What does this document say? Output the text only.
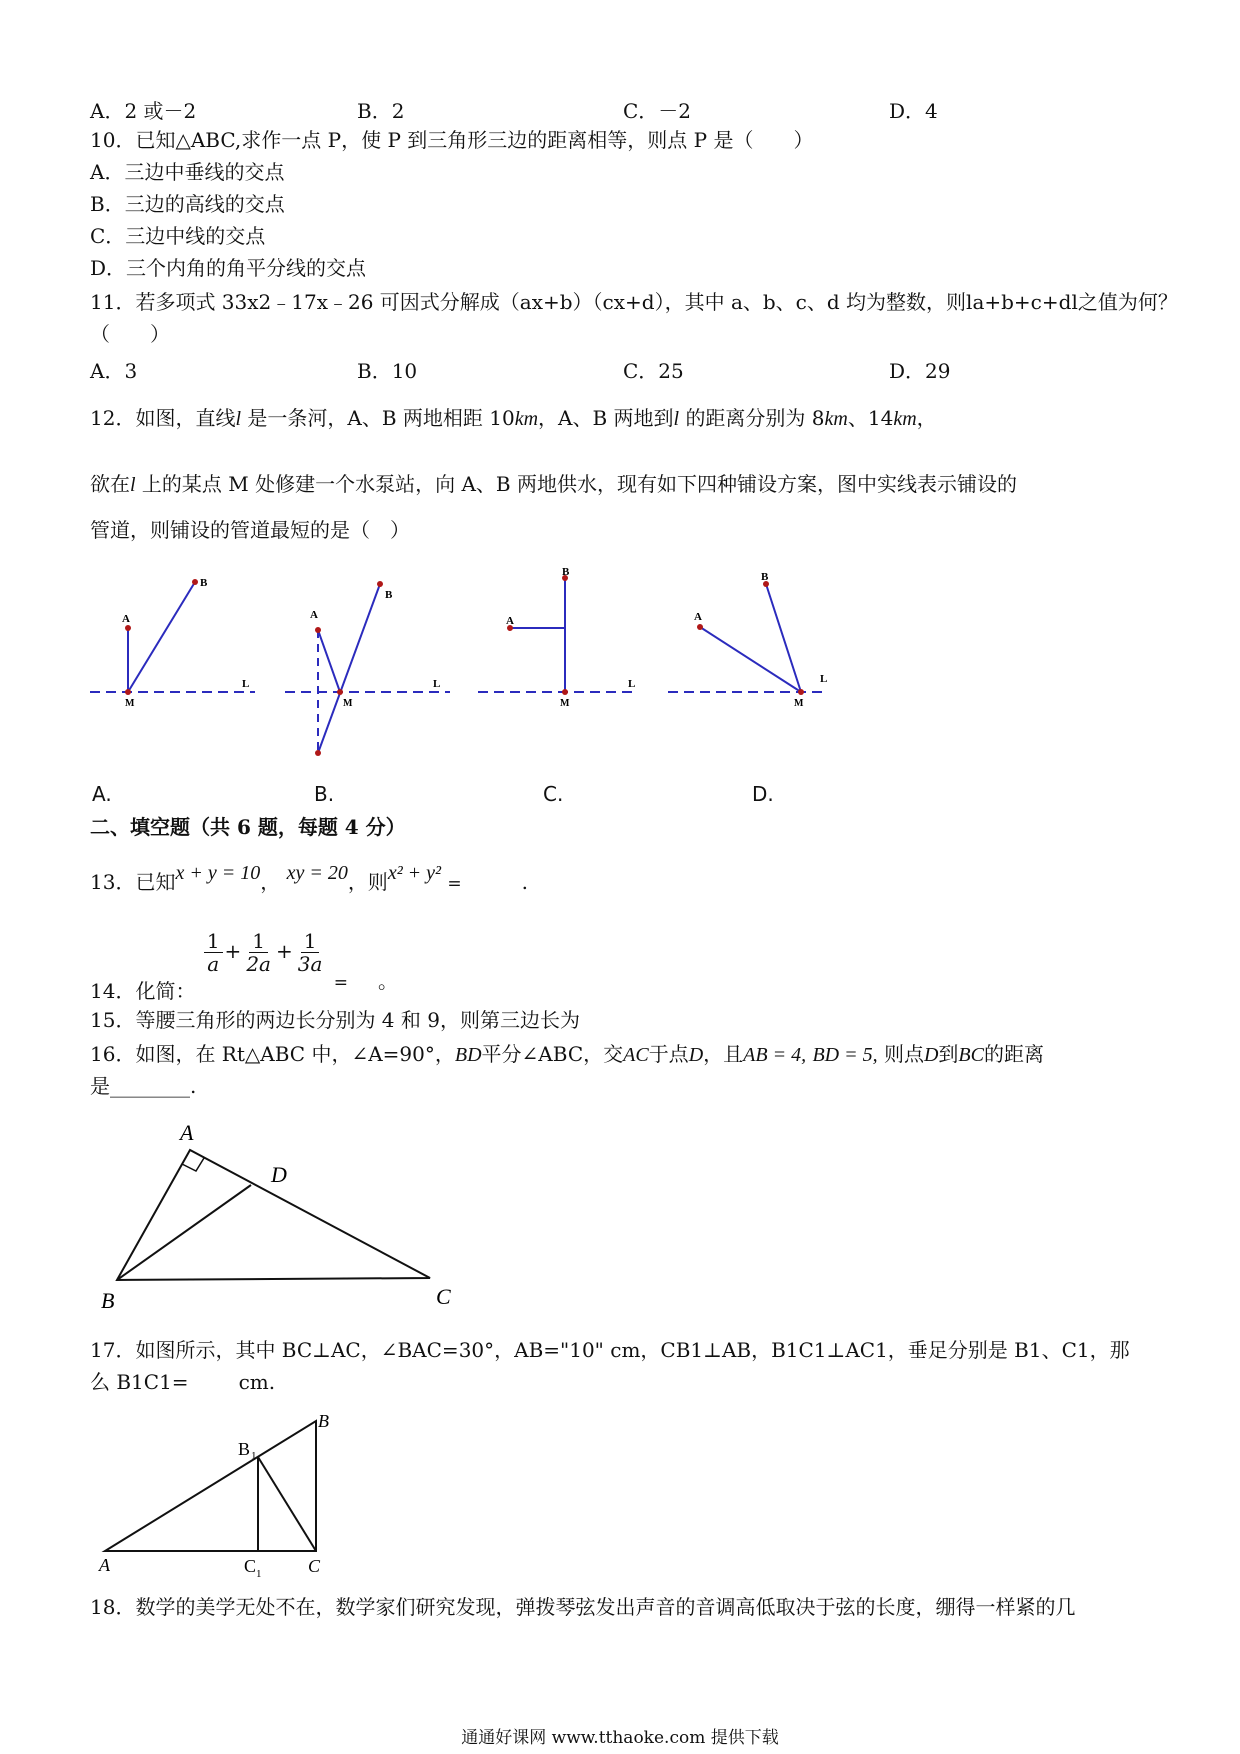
A．2 或－2	B．2	C．－2	D．4
10．已知△ABC,求作一点 P，使 P 到三角形三边的距离相等，则点 P 是（　　）
A．三边中垂线的交点
B．三边的高线的交点
C．三边中线的交点
D．三个内角的角平分线的交点
11．若多项式 33x2﹣17x﹣26 可因式分解成（ax+b）（cx+d），其中 a、b、c、d 均为整数，则la+b+c+dl之值为何？
（　　）
A．3	B．10	C．25	D．29
12．如图，直线l 是一条河，A、B 两地相距 10km，A、B 两地到l 的距离分别为 8km、14km，
欲在l 上的某点 M 处修建一个水泵站，向 A、B 两地供水，现有如下四种铺设方案，图中实线表示铺设的
管道，则铺设的管道最短的是（　）
A
B
M
L
A
B
M
L
A
B
M
L
A
B
M
L
A.	B.	C.	D.
二、填空题（共 6 题，每题 4 分）
13．已知x + y = 10， xy = 20，则x² + y² =	.
14．化简：
$\frac{1}{a} + \frac{1}{2a} + \frac{1}{3a}$
$_=$ 。
15．等腰三角形的两边长分别为 4 和 9，则第三边长为
16．如图，在 Rt△ABC 中，∠A=90°，BD平分∠ABC，交AC于点D，且AB = 4, BD = 5, 则点D到BC的距离
是________.
A
D
B	C
17．如图所示，其中 BC⊥AC，∠BAC=30°，AB="10" cm，CB1⊥AB，B1C1⊥AC1，垂足分别是 B1、C1，那
么 B1C1=	cm.
B
B 1
A	C 1	C
18．数学的美学无处不在，数学家们研究发现，弹拨琴弦发出声音的音调高低取决于弦的长度，绷得一样紧的几
通通好课网 www.tthaoke.com 提供下载
